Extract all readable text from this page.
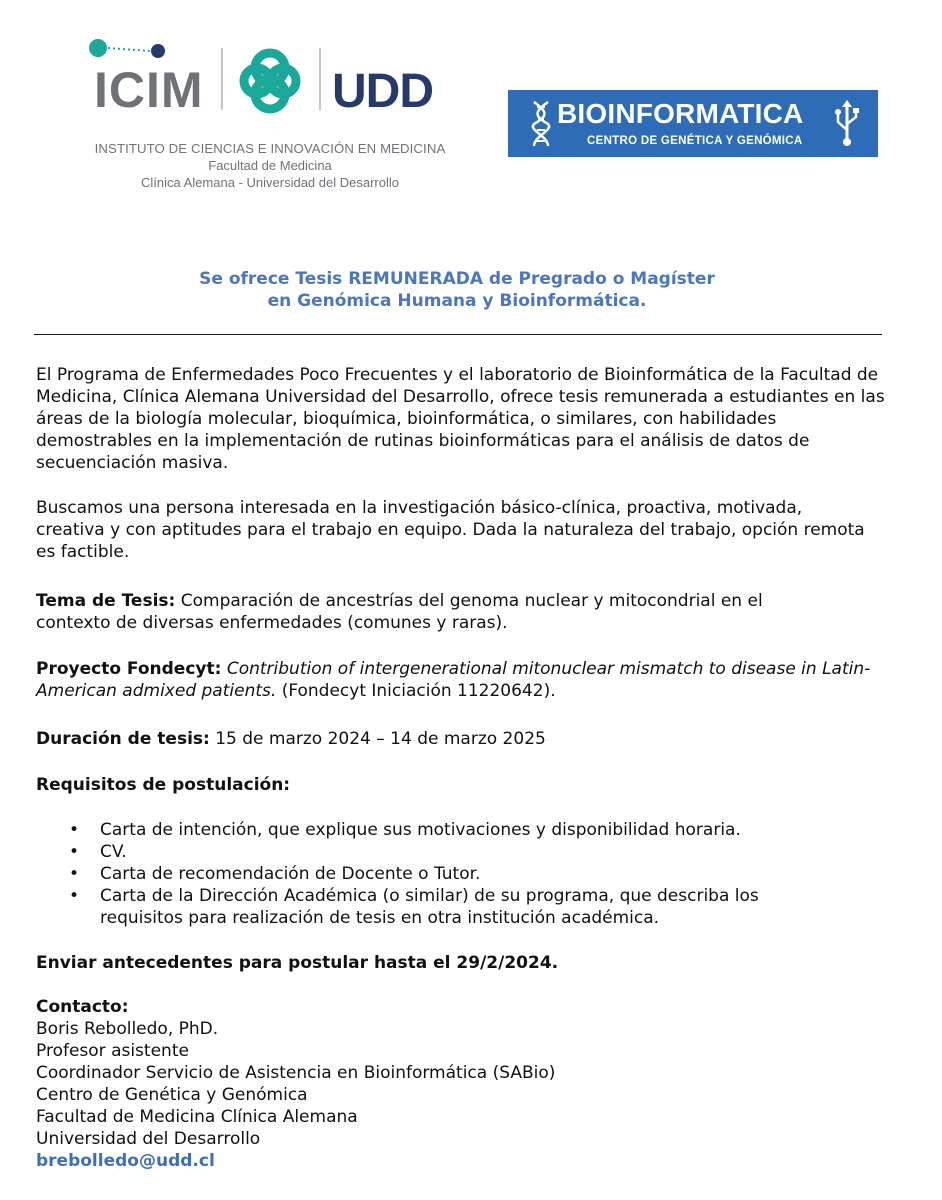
ICIM	UDD
INSTITUTO DE CIENCIAS E INNOVACIÓN EN MEDICINA
Facultad de Medicina
Clínica Alemana - Universidad del Desarrollo
BIOINFORMATICA
CENTRO DE GENÉTICA Y GENÓMICA
Se ofrece Tesis REMUNERADA de Pregrado o Magíster
en Genómica Humana y Bioinformática.

El Programa de Enfermedades Poco Frecuentes y el laboratorio de Bioinformática de la Facultad de Medicina, Clínica Alemana Universidad del Desarrollo, ofrece tesis remunerada a estudiantes en las áreas de la biología molecular, bioquímica, bioinformática, o similares, con habilidades demostrables en la implementación de rutinas bioinformáticas para el análisis de datos de secuenciación masiva.

Buscamos una persona interesada en la investigación básico-clínica, proactiva, motivada, creativa y con aptitudes para el trabajo en equipo. Dada la naturaleza del trabajo, opción remota es factible.

Tema de Tesis: Comparación de ancestrías del genoma nuclear y mitocondrial en el contexto de diversas enfermedades (comunes y raras).

Proyecto Fondecyt: Contribution of intergenerational mitonuclear mismatch to disease in Latin-American admixed patients. (Fondecyt Iniciación 11220642).

Duración de tesis: 15 de marzo 2024 – 14 de marzo 2025

Requisitos de postulación:

• Carta de intención, que explique sus motivaciones y disponibilidad horaria.
• CV.
• Carta de recomendación de Docente o Tutor.
• Carta de la Dirección Académica (o similar) de su programa, que describa los requisitos para realización de tesis en otra institución académica.

Enviar antecedentes para postular hasta el 29/2/2024.

Contacto:
Boris Rebolledo, PhD.
Profesor asistente
Coordinador Servicio de Asistencia en Bioinformática (SABio)
Centro de Genética y Genómica
Facultad de Medicina Clínica Alemana
Universidad del Desarrollo
brebolledo@udd.cl
